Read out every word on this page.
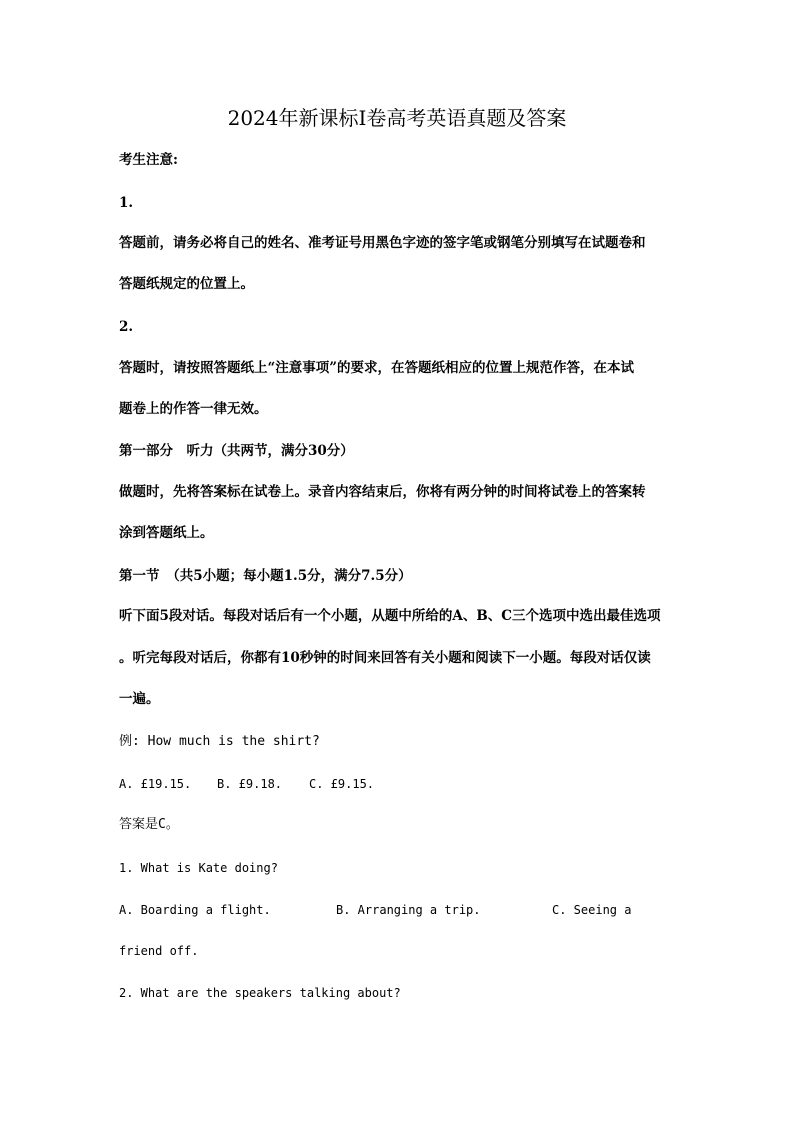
2024年新课标I卷高考英语真题及答案
考生注意:
1.
答题前，请务必将自己的姓名、准考证号用黑色字迹的签字笔或钢笔分别填写在试题卷和
答题纸规定的位置上。
2.
答题时，请按照答题纸上“注意事项”的要求，在答题纸相应的位置上规范作答，在本试
题卷上的作答一律无效。
第一部分　听力（共两节，满分30分）
做题时，先将答案标在试卷上。录音内容结束后，你将有两分钟的时间将试卷上的答案转
涂到答题纸上。
第一节　（共5小题；每小题1.5分，满分7.5分）
听下面5段对话。每段对话后有一个小题，从题中所给的A、B、C三个选项中选出最佳选项
。听完每段对话后，你都有10秒钟的时间来回答有关小题和阅读下一小题。每段对话仅读
一遍。
例: How much is the shirt?
A. £19.15. B. £9.18. C. £9.15.
答案是C。
1. What is Kate doing?
A. Boarding a flight.	B. Arranging a trip.	C. Seeing a
friend off.
2. What are the speakers talking about?
